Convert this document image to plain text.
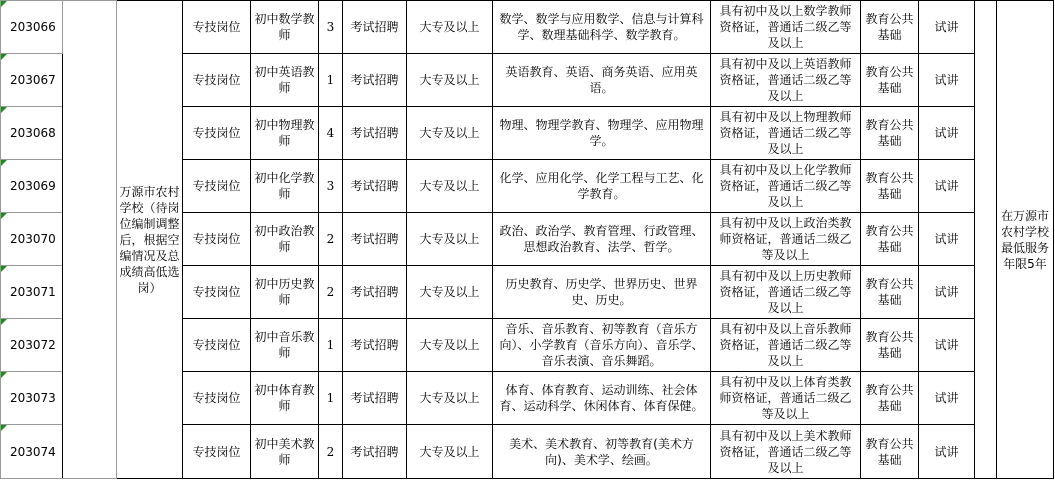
203066		万源市农村学校（待岗位编制调整后，根据空编情况及总成绩高低选岗）	专技岗位	初中数学教师	3	考试招聘	大专及以上	数学、数学与应用数学、信息与计算科学、数理基础科学、数学教育。	具有初中及以上数学教师资格证，普通话二级乙等及以上	教育公共基础	试讲		在万源市农村学校最低服务年限5年
203067			专技岗位	初中英语教师	1	考试招聘	大专及以上	英语教育、英语、商务英语、应用英语。	具有初中及以上英语教师资格证，普通话二级乙等及以上	教育公共基础	试讲		
203068			专技岗位	初中物理教师	4	考试招聘	大专及以上	物理、物理学教育、物理学、应用物理学。	具有初中及以上物理教师资格证，普通话二级乙等及以上	教育公共基础	试讲		
203069			专技岗位	初中化学教师	3	考试招聘	大专及以上	化学、应用化学、化学工程与工艺、化学教育。	具有初中及以上化学教师资格证，普通话二级乙等及以上	教育公共基础	试讲		
203070			专技岗位	初中政治教师	2	考试招聘	大专及以上	政治、政治学、教育管理、行政管理、思想政治教育、法学、哲学。	具有初中及以上政治类教师资格证，普通话二级乙等及以上	教育公共基础	试讲		
203071			专技岗位	初中历史教师	2	考试招聘	大专及以上	历史教育、历史学、世界历史、世界史、历史。	具有初中及以上历史教师资格证，普通话二级乙等及以上	教育公共基础	试讲		
203072			专技岗位	初中音乐教师	1	考试招聘	大专及以上	音乐、音乐教育、初等教育（音乐方向）、小学教育（音乐方向）、音乐学、音乐表演、音乐舞蹈。	具有初中及以上音乐教师资格证，普通话二级乙等及以上	教育公共基础	试讲		
203073			专技岗位	初中体育教师	1	考试招聘	大专及以上	体育、体育教育、运动训练、社会体育、运动科学、休闲体育、体育保健。	具有初中及以上体育类教师资格证，普通话二级乙等及以上	教育公共基础	试讲		
203074			专技岗位	初中美术教师	2	考试招聘	大专及以上	美术、美术教育、初等教育(美术方向)、美术学、绘画。	具有初中及以上美术教师资格证，普通话二级乙等及以上	教育公共基础	试讲		
